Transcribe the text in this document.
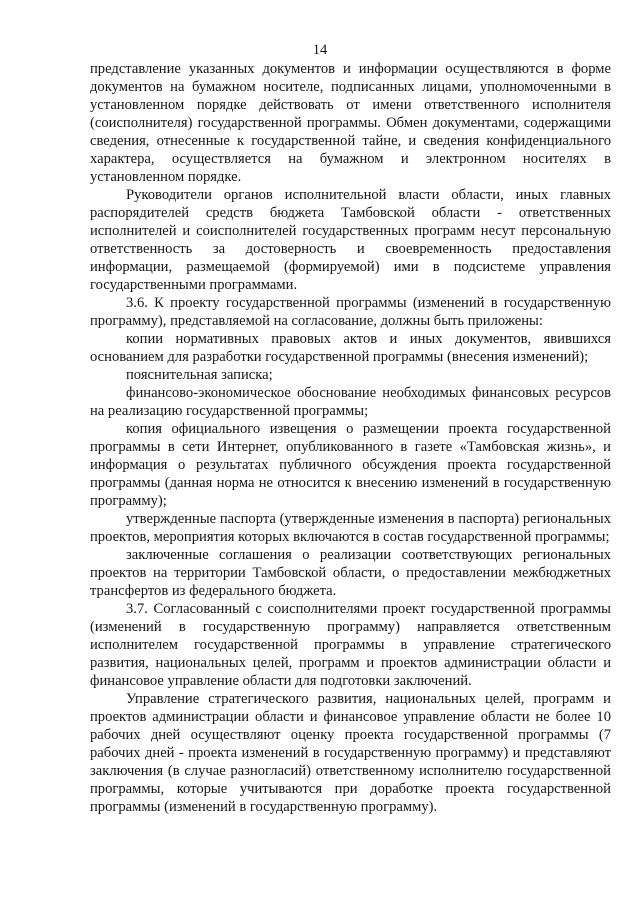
14

представление указанных документов и информации осуществляются в форме документов на бумажном носителе, подписанных лицами, уполномоченными в установленном порядке действовать от имени ответственного исполнителя (соисполнителя) государственной программы. Обмен документами, содержащими сведения, отнесенные к государственной тайне, и сведения конфиденциального характера, осуществляется на бумажном и электронном носителях в установленном порядке.

Руководители органов исполнительной власти области, иных главных распорядителей средств бюджета Тамбовской области - ответственных исполнителей и соисполнителей государственных программ несут персональную ответственность за достоверность и своевременность предоставления информации, размещаемой (формируемой) ими в подсистеме управления государственными программами.

3.6. К проекту государственной программы (изменений в государственную программу), представляемой на согласование, должны быть приложены:

копии нормативных правовых актов и иных документов, явившихся основанием для разработки государственной программы (внесения изменений);

пояснительная записка;

финансово-экономическое обоснование необходимых финансовых ресурсов на реализацию государственной программы;

копия официального извещения о размещении проекта государственной программы в сети Интернет, опубликованного в газете «Тамбовская жизнь», и информация о результатах публичного обсуждения проекта государственной программы (данная норма не относится к внесению изменений в государственную программу);

утвержденные паспорта (утвержденные изменения в паспорта) региональных проектов, мероприятия которых включаются в состав государственной программы;

заключенные соглашения о реализации соответствующих региональных проектов на территории Тамбовской области, о предоставлении межбюджетных трансфертов из федерального бюджета.

3.7. Согласованный с соисполнителями проект государственной программы (изменений в государственную программу) направляется ответственным исполнителем государственной программы в управление стратегического развития, национальных целей, программ и проектов администрации области и финансовое управление области для подготовки заключений.

Управление стратегического развития, национальных целей, программ и проектов администрации области и финансовое управление области не более 10 рабочих дней осуществляют оценку проекта государственной программы (7 рабочих дней - проекта изменений в государственную программу) и представляют заключения (в случае разногласий) ответственному исполнителю государственной программы, которые учитываются при доработке проекта государственной программы (изменений в государственную программу).
